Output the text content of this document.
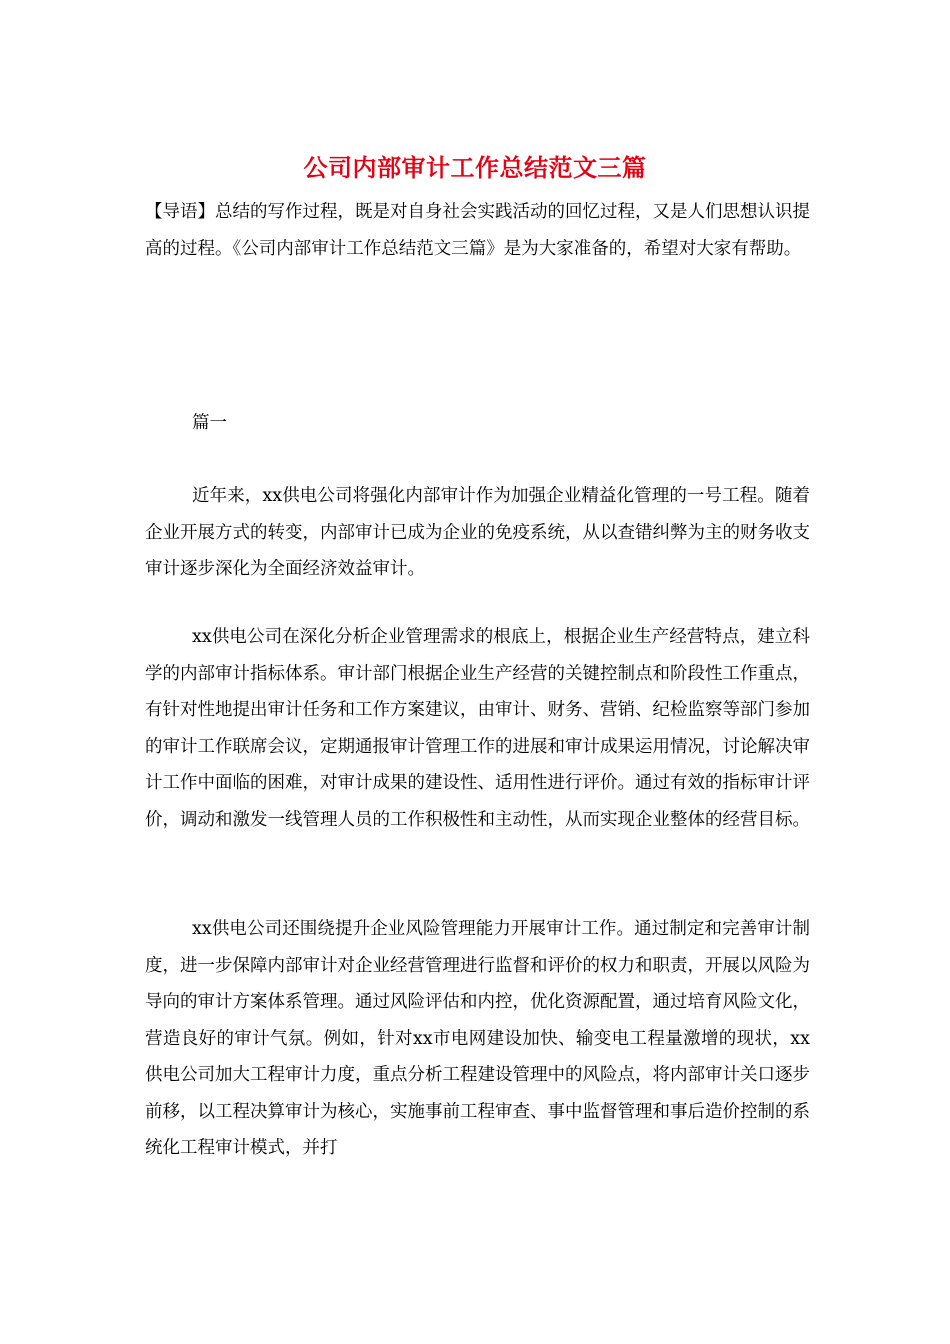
公司内部审计工作总结范文三篇

【导语】总结的写作过程，既是对自身社会实践活动的回忆过程，又是人们思想认识提高的过程。《公司内部审计工作总结范文三篇》是为大家准备的，希望对大家有帮助。

篇一

近年来，xx供电公司将强化内部审计作为加强企业精益化管理的一号工程。随着企业开展方式的转变，内部审计已成为企业的免疫系统，从以查错纠弊为主的财务收支审计逐步深化为全面经济效益审计。

xx供电公司在深化分析企业管理需求的根底上，根据企业生产经营特点，建立科学的内部审计指标体系。审计部门根据企业生产经营的关键控制点和阶段性工作重点，有针对性地提出审计任务和工作方案建议，由审计、财务、营销、纪检监察等部门参加的审计工作联席会议，定期通报审计管理工作的进展和审计成果运用情况，讨论解决审计工作中面临的困难，对审计成果的建设性、适用性进行评价。通过有效的指标审计评价，调动和激发一线管理人员的工作积极性和主动性，从而实现企业整体的经营目标。

xx供电公司还围绕提升企业风险管理能力开展审计工作。通过制定和完善审计制度，进一步保障内部审计对企业经营管理进行监督和评价的权力和职责，开展以风险为导向的审计方案体系管理。通过风险评估和内控，优化资源配置，通过培育风险文化，营造良好的审计气氛。例如，针对xx市电网建设加快、输变电工程量激增的现状，xx供电公司加大工程审计力度，重点分析工程建设管理中的风险点，将内部审计关口逐步前移，以工程决算审计为核心，实施事前工程审查、事中监督管理和事后造价控制的系统化工程审计模式，并打
